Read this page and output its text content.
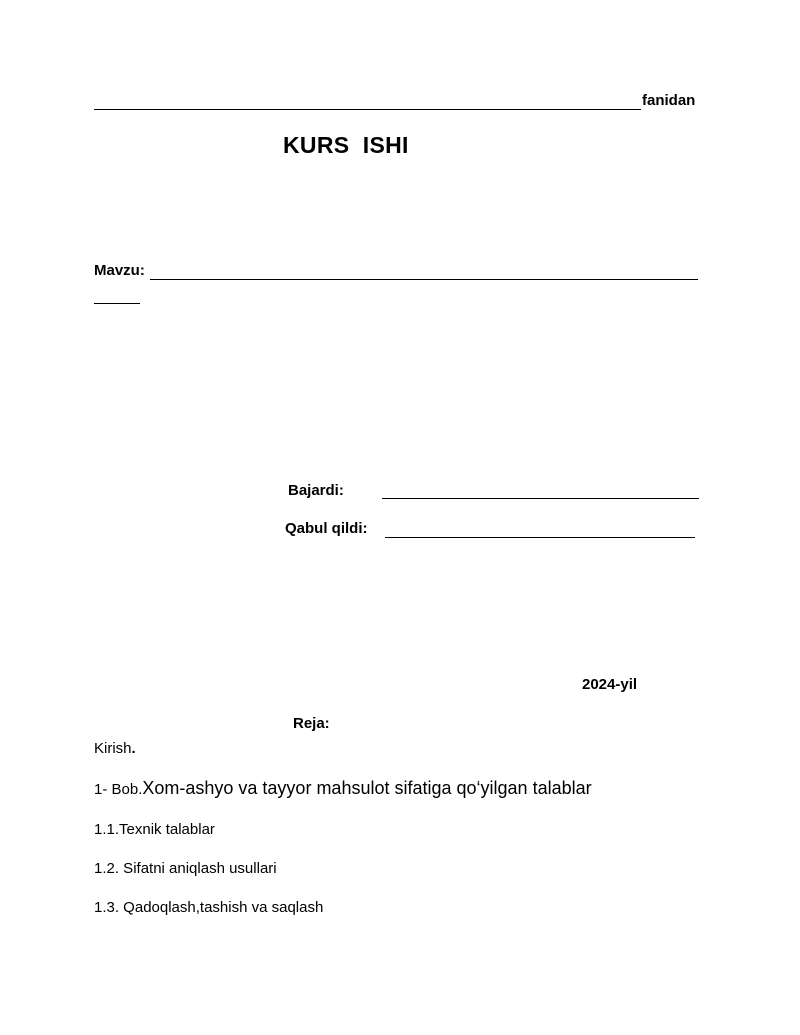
fanidan
KURS  ISHI
Mavzu:
Bajardi:
Qabul qildi:
2024-yil
Reja:
Kirish.
1- Bob.Xom-ashyo va tayyor mahsulot sifatiga qo‘yilgan talablar
1.1.Texnik talablar
1.2. Sifatni aniqlash usullari
1.3. Qadoqlash,tashish va saqlash
